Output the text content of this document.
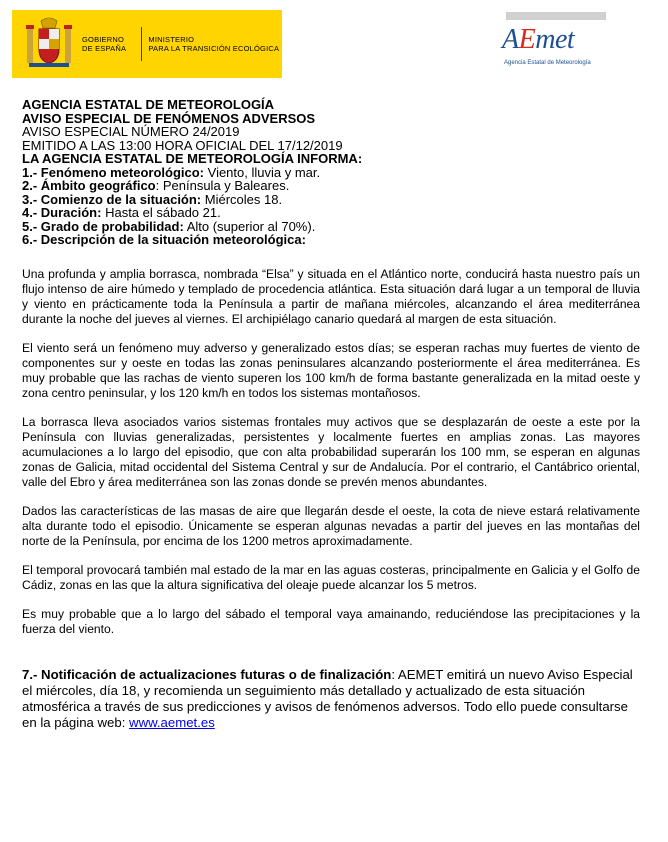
GOBIERNO
DE ESPAÑA
MINISTERIO
PARA LA TRANSICIÓN ECOLÓGICA	AEmet
Agencia Estatal de Meteorología
AGENCIA ESTATAL DE METEOROLOGÍA
AVISO ESPECIAL DE FENÓMENOS ADVERSOS
AVISO ESPECIAL NÚMERO 24/2019
EMITIDO A LAS 13:00 HORA OFICIAL DEL 17/12/2019
LA AGENCIA ESTATAL DE METEOROLOGÍA INFORMA:
1.- Fenómeno meteorológico: Viento, lluvia y mar.
2.- Ámbito geográfico: Península y Baleares.
3.- Comienzo de la situación: Miércoles 18.
4.- Duración: Hasta el sábado 21.
5.- Grado de probabilidad: Alto (superior al 70%).
6.- Descripción de la situación meteorológica:
Una profunda y amplia borrasca, nombrada “Elsa” y situada en el Atlántico norte, conducirá hasta nuestro país un flujo intenso de aire húmedo y templado de procedencia atlántica. Esta situación dará lugar a un temporal de lluvia y viento en prácticamente toda la Península a partir de mañana miércoles, alcanzando el área mediterránea durante la noche del jueves al viernes. El archipiélago canario quedará al margen de esta situación.
El viento será un fenómeno muy adverso y generalizado estos días; se esperan rachas muy fuertes de viento de componentes sur y oeste en todas las zonas peninsulares alcanzando posteriormente el área mediterránea. Es muy probable que las rachas de viento superen los 100 km/h de forma bastante generalizada en la mitad oeste y zona centro peninsular, y los 120 km/h en todos los sistemas montañosos.
La borrasca lleva asociados varios sistemas frontales muy activos que se desplazarán de oeste a este por la Península con lluvias generalizadas, persistentes y localmente fuertes en amplias zonas. Las mayores acumulaciones a lo largo del episodio, que con alta probabilidad superarán los 100 mm, se esperan en algunas zonas de Galicia, mitad occidental del Sistema Central y sur de Andalucía. Por el contrario, el Cantábrico oriental, valle del Ebro y área mediterránea son las zonas donde se prevén menos abundantes.
Dados las características de las masas de aire que llegarán desde el oeste, la cota de nieve estará relativamente alta durante todo el episodio. Únicamente se esperan algunas nevadas a partir del jueves en las montañas del norte de la Península, por encima de los 1200 metros aproximadamente.
El temporal provocará también mal estado de la mar en las aguas costeras, principalmente en Galicia y el Golfo de Cádiz, zonas en las que la altura significativa del oleaje puede alcanzar los 5 metros.
Es muy probable que a lo largo del sábado el temporal vaya amainando, reduciéndose las precipitaciones y la fuerza del viento.
7.- Notificación de actualizaciones futuras o de finalización: AEMET emitirá un nuevo Aviso Especial el miércoles, día 18, y recomienda un seguimiento más detallado y actualizado de esta situación atmosférica a través de sus predicciones y avisos de fenómenos adversos. Todo ello puede consultarse en la página web: www.aemet.es
